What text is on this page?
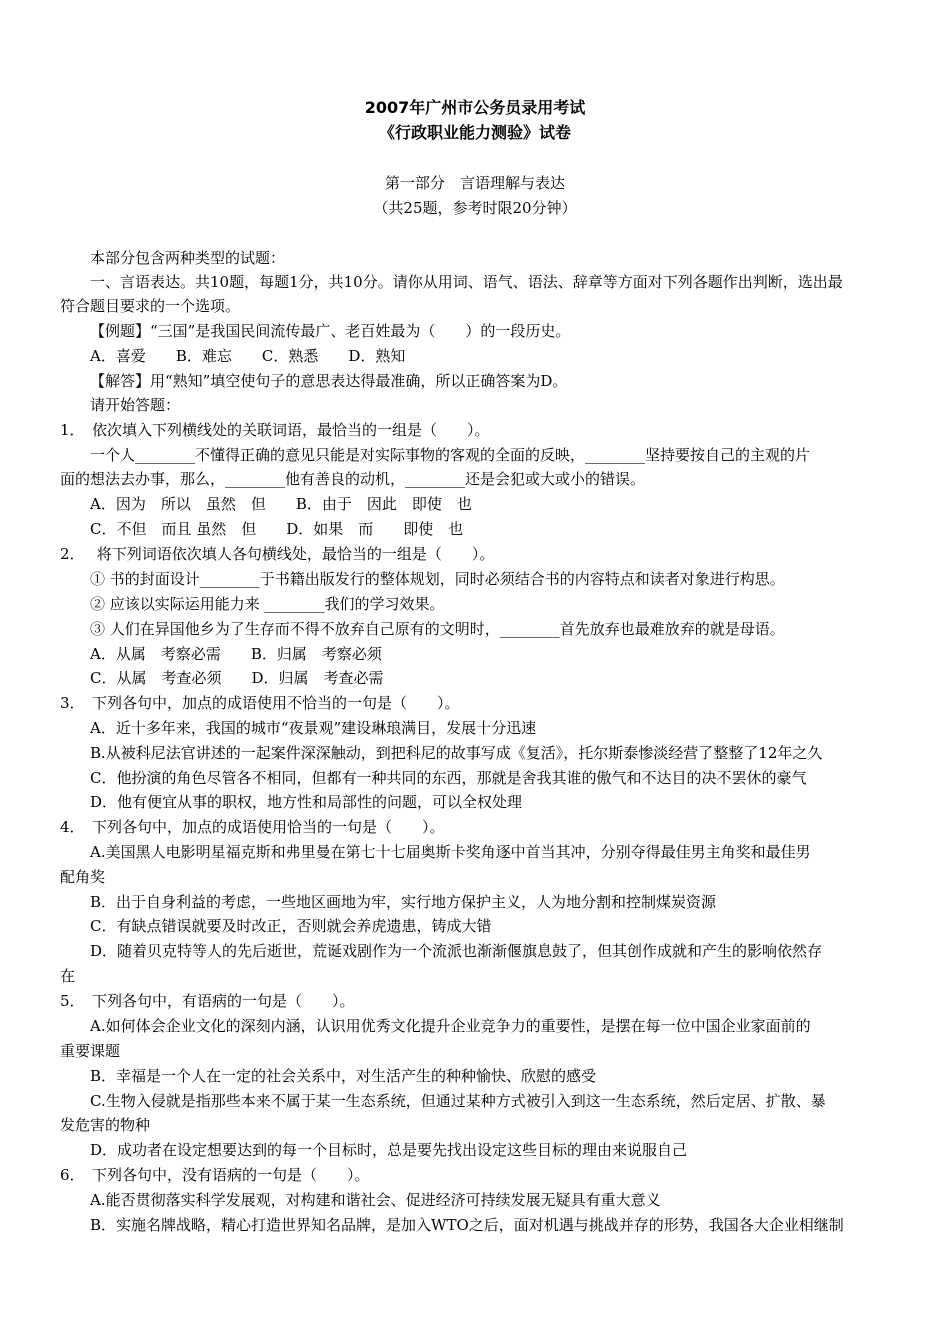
2007年广州市公务员录用考试
《行政职业能力测验》试卷
第一部分　言语理解与表达
（共25题，参考时限20分钟）
本部分包含两种类型的试题：
一、言语表达。共10题，每题1分，共10分。请你从用词、语气、语法、辞章等方面对下列各题作出判断，选出最
符合题目要求的一个选项。
【例题】“三国”是我国民间流传最广、老百姓最为（　　）的一段历史。
A．喜爱　　B．难忘　　C．熟悉　　D．熟知
【解答】用“熟知”填空使句子的意思表达得最准确，所以正确答案为D。
请开始答题：
1．　依次填入下列横线处的关联词语，最恰当的一组是（　　）。
一个人________不懂得正确的意见只能是对实际事物的客观的全面的反映，________坚持要按自己的主观的片
面的想法去办事，那么，________他有善良的动机，________还是会犯或大或小的错误。
A．因为　所以　虽然　但　　B．由于　因此　即使　也
C．不但　而且 虽然　但　　D．如果　而　　即使　也
2．　 将下列词语依次填人各句横线处，最恰当的一组是（　　）。
① 书的封面设计________于书籍出版发行的整体规划，同时必须结合书的内容特点和读者对象进行构思。
② 应该以实际运用能力来 ________我们的学习效果。
③ 人们在异国他乡为了生存而不得不放弃自己原有的文明时，________首先放弃也最难放弃的就是母语。
A．从属　考察必需　　B．归属　考察必须
C．从属　考查必须　　D．归属　考查必需
3．　下列各句中，加点的成语使用不恰当的一句是（　　）。
A．近十多年来，我国的城市“夜景观”建设琳琅满目，发展十分迅速
B.从被科尼法官讲述的一起案件深深触动，到把科尼的故事写成《复活》，托尔斯泰惨淡经营了整整了12年之久
C．他扮演的角色尽管各不相同，但都有一种共同的东西，那就是舍我其谁的傲气和不达目的决不罢休的豪气
D．他有便宜从事的职权，地方性和局部性的问题，可以全权处理
4．　下列各句中，加点的成语使用恰当的一句是（　　）。
A.美国黑人电影明星福克斯和弗里曼在第七十七届奥斯卡奖角逐中首当其冲，分别夺得最佳男主角奖和最佳男
配角奖
B．出于自身利益的考虑，一些地区画地为牢，实行地方保护主义，人为地分割和控制煤炭资源
C．有缺点错误就要及时改正，否则就会养虎遗患，铸成大错
D．随着贝克特等人的先后逝世，荒诞戏剧作为一个流派也渐渐偃旗息鼓了，但其创作成就和产生的影响依然存
在
5．　下列各句中，有语病的一句是（　　）。
A.如何体会企业文化的深刻内涵，认识用优秀文化提升企业竞争力的重要性，是摆在每一位中国企业家面前的
重要课题
B．幸福是一个人在一定的社会关系中，对生活产生的种种愉快、欣慰的感受
C.生物入侵就是指那些本来不属于某一生态系统，但通过某种方式被引入到这一生态系统，然后定居、扩散、暴
发危害的物种
D．成功者在设定想要达到的每一个目标时，总是要先找出设定这些目标的理由来说服自己
6．　下列各句中，没有语病的一句是（　　）。
A.能否贯彻落实科学发展观，对构建和谐社会、促进经济可持续发展无疑具有重大意义
B．实施名牌战略，精心打造世界知名品牌，是加入WTO之后，面对机遇与挑战并存的形势，我国各大企业相继制
